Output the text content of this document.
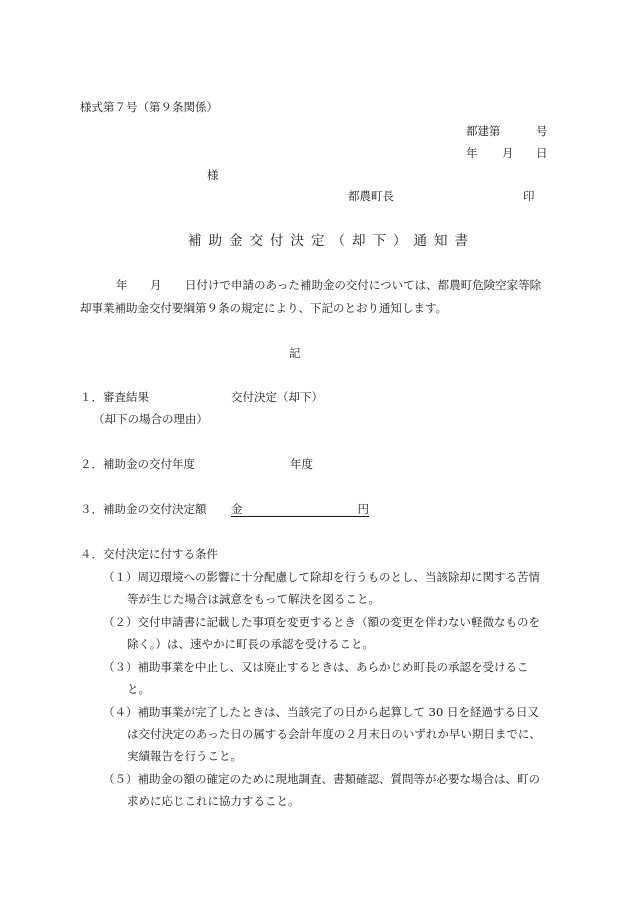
様式第７号（第９条関係）
都建第	号
年 月 日
様
都農町長	印
補助金交付決定（却下）通知書
年 月 日付けで申請のあった補助金の交付については、都農町危険空家等除
却事業補助金交付要綱第９条の規定により、下記のとおり通知します。
記
１．審査結果	交付決定（却下）
（却下の場合の理由）
２．補助金の交付年度	年度
３．補助金の交付決定額 金　　　　　　　　　　円
４．交付決定に付する条件
（１）周辺環境への影響に十分配慮して除却を行うものとし、当該除却に関する苦情
等が生じた場合は誠意をもって解決を図ること。
（２）交付申請書に記載した事項を変更するとき（額の変更を伴わない軽微なものを
除く。）は、速やかに町長の承認を受けること。
（３）補助事業を中止し、又は廃止するときは、あらかじめ町長の承認を受けるこ
と。
（４）補助事業が完了したときは、当該完了の日から起算して 30 日を経過する日又
は交付決定のあった日の属する会計年度の２月末日のいずれか早い期日までに、
実績報告を行うこと。
（５）補助金の額の確定のために現地調査、書類確認、質問等が必要な場合は、町の
求めに応じこれに協力すること。
